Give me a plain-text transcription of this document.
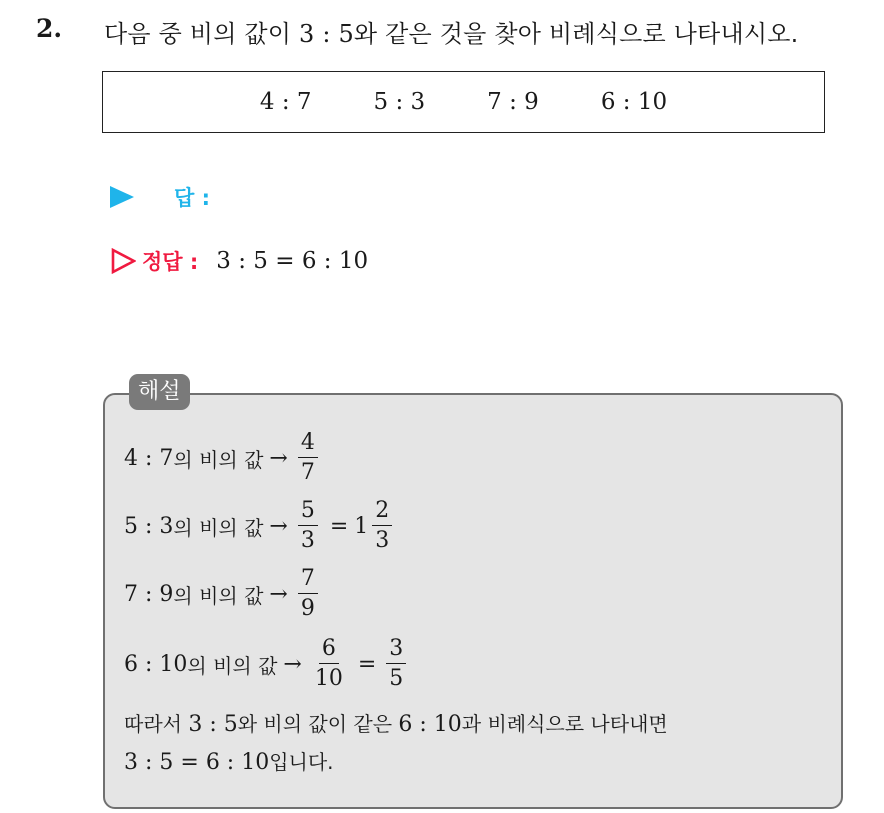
2. 다음 중 비의 값이 3 : 5와 같은 것을 찾아 비례식으로 나타내시오.
4 : 7	5 : 3	7 : 9	6 : 10
답 :
정답 : 3 : 5 = 6 : 10
해설
4 : 7 의 비의 값 → $\frac{4}{7}$
5 : 3 의 비의 값 → $\frac{5}{3} = 1 \frac{2}{3}$
7 : 9 의 비의 값 → $\frac{7}{9}$
6 : 10 의 비의 값 → $\frac{6}{10} = \frac{3}{5}$
따라서 3 : 5와 비의 값이 같은 6 : 10과 비례식으로 나타내면
3 : 5 = 6 : 10입니다.
